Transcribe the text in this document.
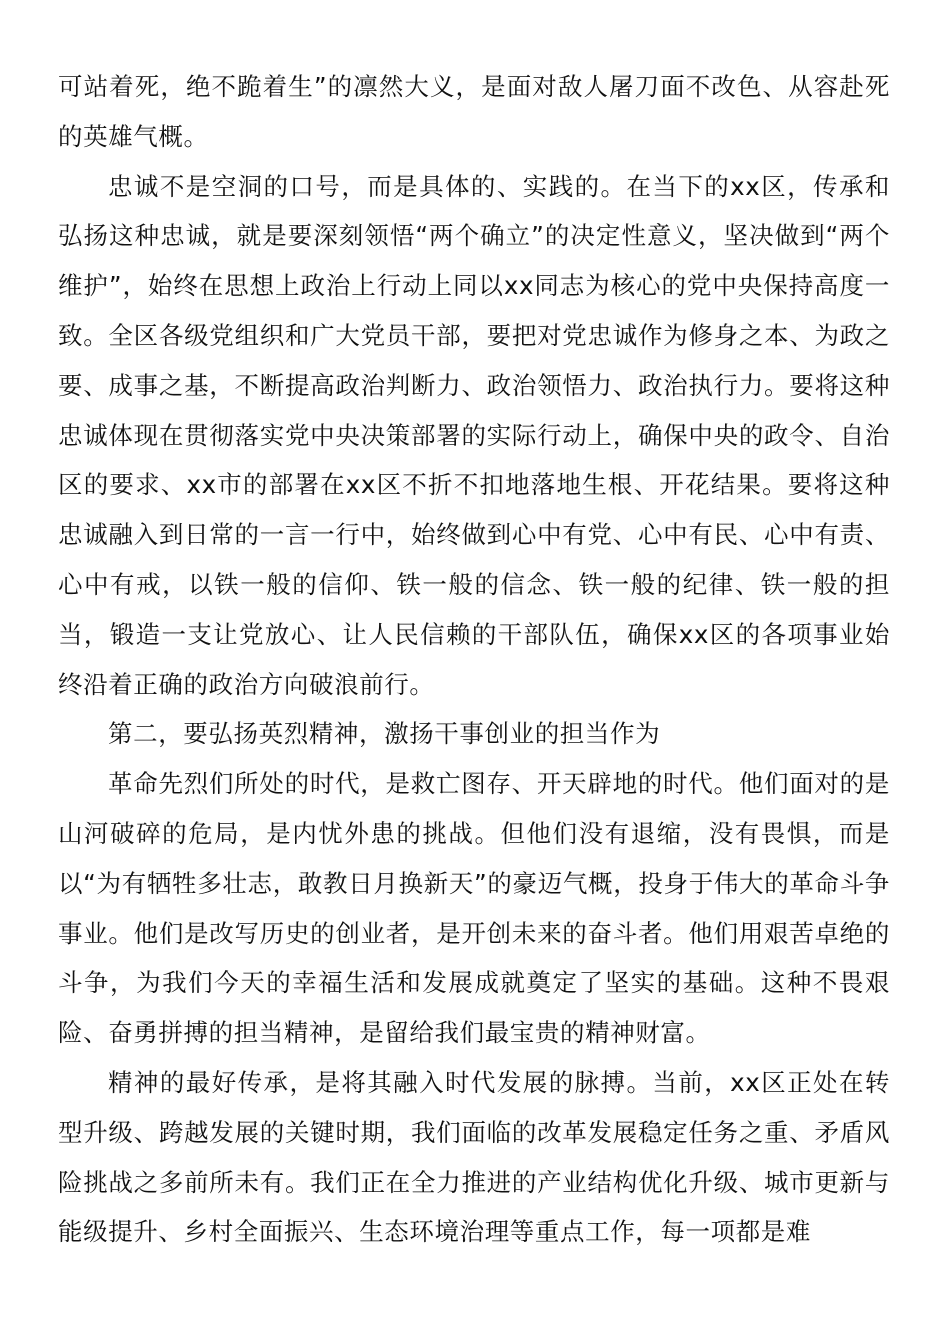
可站着死，绝不跪着生”的凛然大义，是面对敌人屠刀面不改色、从容赴死的英雄气概。

忠诚不是空洞的口号，而是具体的、实践的。在当下的xx区，传承和弘扬这种忠诚，就是要深刻领悟“两个确立”的决定性意义，坚决做到“两个维护”，始终在思想上政治上行动上同以xx同志为核心的党中央保持高度一致。全区各级党组织和广大党员干部，要把对党忠诚作为修身之本、为政之要、成事之基，不断提高政治判断力、政治领悟力、政治执行力。要将这种忠诚体现在贯彻落实党中央决策部署的实际行动上，确保中央的政令、自治区的要求、xx市的部署在xx区不折不扣地落地生根、开花结果。要将这种忠诚融入到日常的一言一行中，始终做到心中有党、心中有民、心中有责、心中有戒，以铁一般的信仰、铁一般的信念、铁一般的纪律、铁一般的担当，锻造一支让党放心、让人民信赖的干部队伍，确保xx区的各项事业始终沿着正确的政治方向破浪前行。

第二，要弘扬英烈精神，激扬干事创业的担当作为

革命先烈们所处的时代，是救亡图存、开天辟地的时代。他们面对的是山河破碎的危局，是内忧外患的挑战。但他们没有退缩，没有畏惧，而是以“为有牺牲多壮志，敢教日月换新天”的豪迈气概，投身于伟大的革命斗争事业。他们是改写历史的创业者，是开创未来的奋斗者。他们用艰苦卓绝的斗争，为我们今天的幸福生活和发展成就奠定了坚实的基础。这种不畏艰险、奋勇拼搏的担当精神，是留给我们最宝贵的精神财富。

精神的最好传承，是将其融入时代发展的脉搏。当前，xx区正处在转型升级、跨越发展的关键时期，我们面临的改革发展稳定任务之重、矛盾风险挑战之多前所未有。我们正在全力推进的产业结构优化升级、城市更新与能级提升、乡村全面振兴、生态环境治理等重点工作，每一项都是难
